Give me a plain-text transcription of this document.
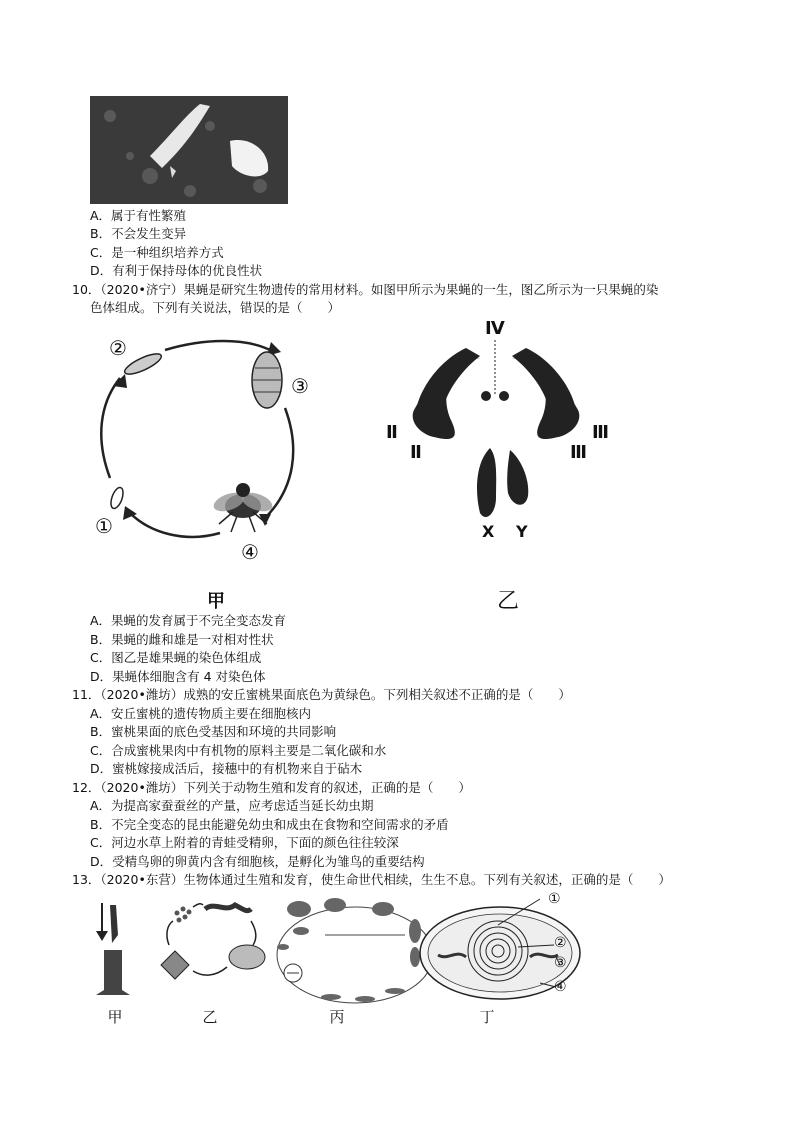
A．属于有性繁殖
B．不会发生变异
C．是一种组织培养方式
D．有利于保持母体的优良性状
10．（2020•济宁）果蝇是研究生物遗传的常用材料。如图甲所示为果蝇的一生，图乙所示为一只果蝇的染
色体组成。下列有关说法，错误的是（　　）
②
③
①
④
甲
Ⅳ
Ⅱ
Ⅱ
Ⅲ
Ⅲ
X Y
乙
A．果蝇的发育属于不完全变态发育
B．果蝇的雌和雄是一对相对性状
C．图乙是雄果蝇的染色体组成
D．果蝇体细胞含有 4 对染色体
11．（2020•潍坊）成熟的安丘蜜桃果面底色为黄绿色。下列相关叙述不正确的是（　　）
A．安丘蜜桃的遗传物质主要在细胞核内
B．蜜桃果面的底色受基因和环境的共同影响
C．合成蜜桃果肉中有机物的原料主要是二氧化碳和水
D．蜜桃嫁接成活后，接穗中的有机物来自于砧木
12．（2020•潍坊）下列关于动物生殖和发育的叙述，正确的是（　　）
A．为提高家蚕蚕丝的产量，应考虑适当延长幼虫期
B．不完全变态的昆虫能避免幼虫和成虫在食物和空间需求的矛盾
C．河边水草上附着的青蛙受精卵，下面的颜色往往较深
D．受精鸟卵的卵黄内含有细胞核，是孵化为雏鸟的重要结构
13．（2020•东营）生物体通过生殖和发育，使生命世代相续，生生不息。下列有关叙述，正确的是（　　）
①
②
③
④
甲	乙	丙	丁
